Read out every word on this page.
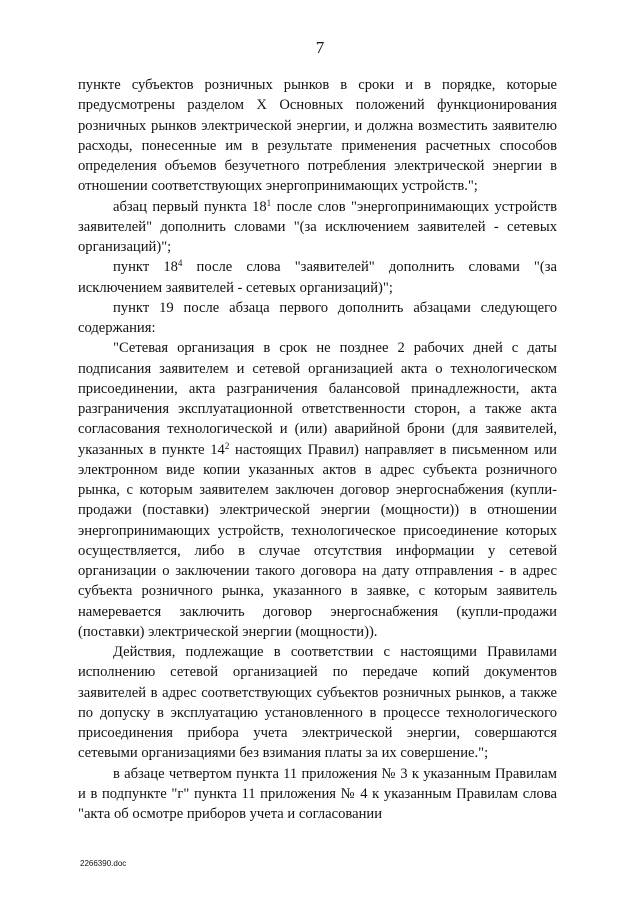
7

пункте субъектов розничных рынков в сроки и в порядке, которые предусмотрены разделом X Основных положений функционирования розничных рынков электрической энергии, и должна возместить заявителю расходы, понесенные им в результате применения расчетных способов определения объемов безучетного потребления электрической энергии в отношении соответствующих энергопринимающих устройств.";

абзац первый пункта $18^1$ после слов "энергопринимающих устройств заявителей" дополнить словами "(за исключением заявителей - сетевых организаций)";

пункт $18^4$ после слова "заявителей" дополнить словами "(за исключением заявителей - сетевых организаций)";

пункт 19 после абзаца первого дополнить абзацами следующего содержания:

"Сетевая организация в срок не позднее 2 рабочих дней с даты подписания заявителем и сетевой организацией акта о технологическом присоединении, акта разграничения балансовой принадлежности, акта разграничения эксплуатационной ответственности сторон, а также акта согласования технологической и (или) аварийной брони (для заявителей, указанных в пункте $14^2$ настоящих Правил) направляет в письменном или электронном виде копии указанных актов в адрес субъекта розничного рынка, с которым заявителем заключен договор энергоснабжения (купли-продажи (поставки) электрической энергии (мощности)) в отношении энергопринимающих устройств, технологическое присоединение которых осуществляется, либо в случае отсутствия информации у сетевой организации о заключении такого договора на дату отправления - в адрес субъекта розничного рынка, указанного в заявке, с которым заявитель намеревается заключить договор энергоснабжения (купли-продажи (поставки) электрической энергии (мощности)).

Действия, подлежащие в соответствии с настоящими Правилами исполнению сетевой организацией по передаче копий документов заявителей в адрес соответствующих субъектов розничных рынков, а также по допуску в эксплуатацию установленного в процессе технологического присоединения прибора учета электрической энергии, совершаются сетевыми организациями без взимания платы за их совершение.";

в абзаце четвертом пункта 11 приложения № 3 к указанным Правилам и в подпункте "г" пункта 11 приложения № 4 к указанным Правилам слова "акта об осмотре приборов учета и согласовании

2266390.doc
